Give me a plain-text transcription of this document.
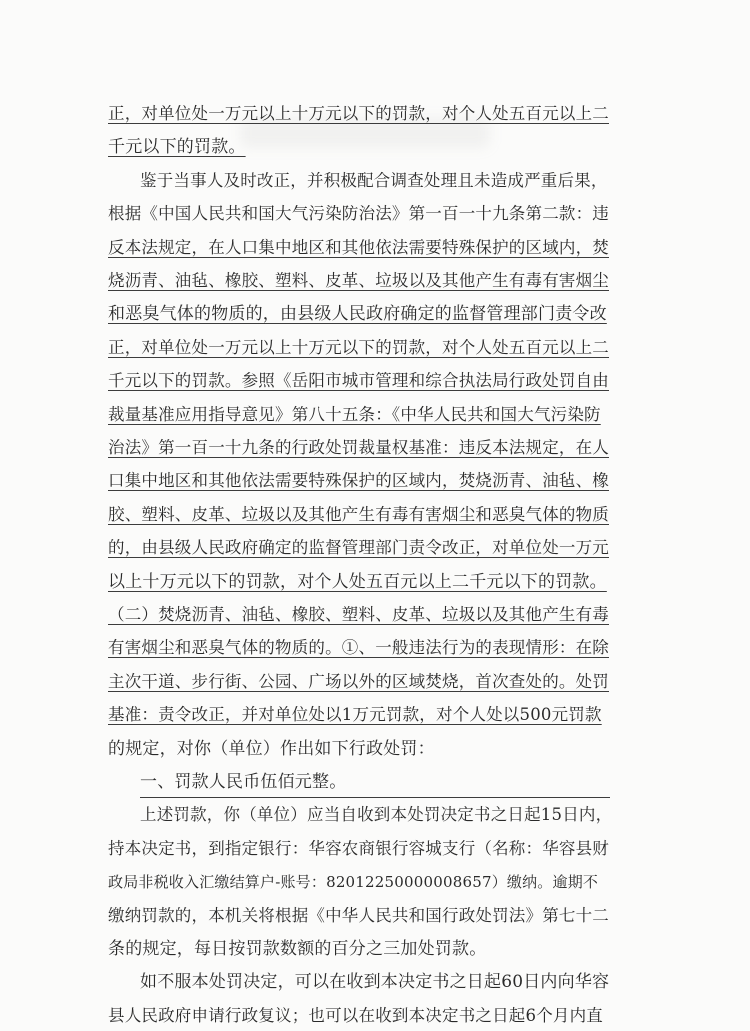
正，对单位处一万元以上十万元以下的罚款，对个人处五百元以上二
千元以下的罚款。
鉴于当事人及时改正，并积极配合调查处理且未造成严重后果，
根据《中国人民共和国大气污染防治法》第一百一十九条第二款：违
反本法规定，在人口集中地区和其他依法需要特殊保护的区域内，焚
烧沥青、油毡、橡胶、塑料、皮革、垃圾以及其他产生有毒有害烟尘
和恶臭气体的物质的，由县级人民政府确定的监督管理部门责令改
正，对单位处一万元以上十万元以下的罚款，对个人处五百元以上二
千元以下的罚款。参照《岳阳市城市管理和综合执法局行政处罚自由
裁量基准应用指导意见》第八十五条：《中华人民共和国大气污染防
治法》第一百一十九条的行政处罚裁量权基准：违反本法规定，在人
口集中地区和其他依法需要特殊保护的区域内，焚烧沥青、油毡、橡
胶、塑料、皮革、垃圾以及其他产生有毒有害烟尘和恶臭气体的物质
的，由县级人民政府确定的监督管理部门责令改正，对单位处一万元
以上十万元以下的罚款，对个人处五百元以上二千元以下的罚款。
（二）焚烧沥青、油毡、橡胶、塑料、皮革、垃圾以及其他产生有毒
有害烟尘和恶臭气体的物质的。①、一般违法行为的表现情形：在除
主次干道、步行街、公园、广场以外的区域焚烧，首次查处的。处罚
基准：责令改正，并对单位处以1万元罚款，对个人处以500元罚款
的规定，对你（单位）作出如下行政处罚：
一、罚款人民币伍佰元整。
上述罚款，你（单位）应当自收到本处罚决定书之日起15日内，
持本决定书，到指定银行：华容农商银行容城支行（名称：华容县财
政局非税收入汇缴结算户-账号：82012250000008657）缴纳。逾期不
缴纳罚款的，本机关将根据《中华人民共和国行政处罚法》第七十二
条的规定，每日按罚款数额的百分之三加处罚款。
如不服本处罚决定，可以在收到本决定书之日起60日内向华容
县人民政府申请行政复议；也可以在收到本决定书之日起6个月内直
